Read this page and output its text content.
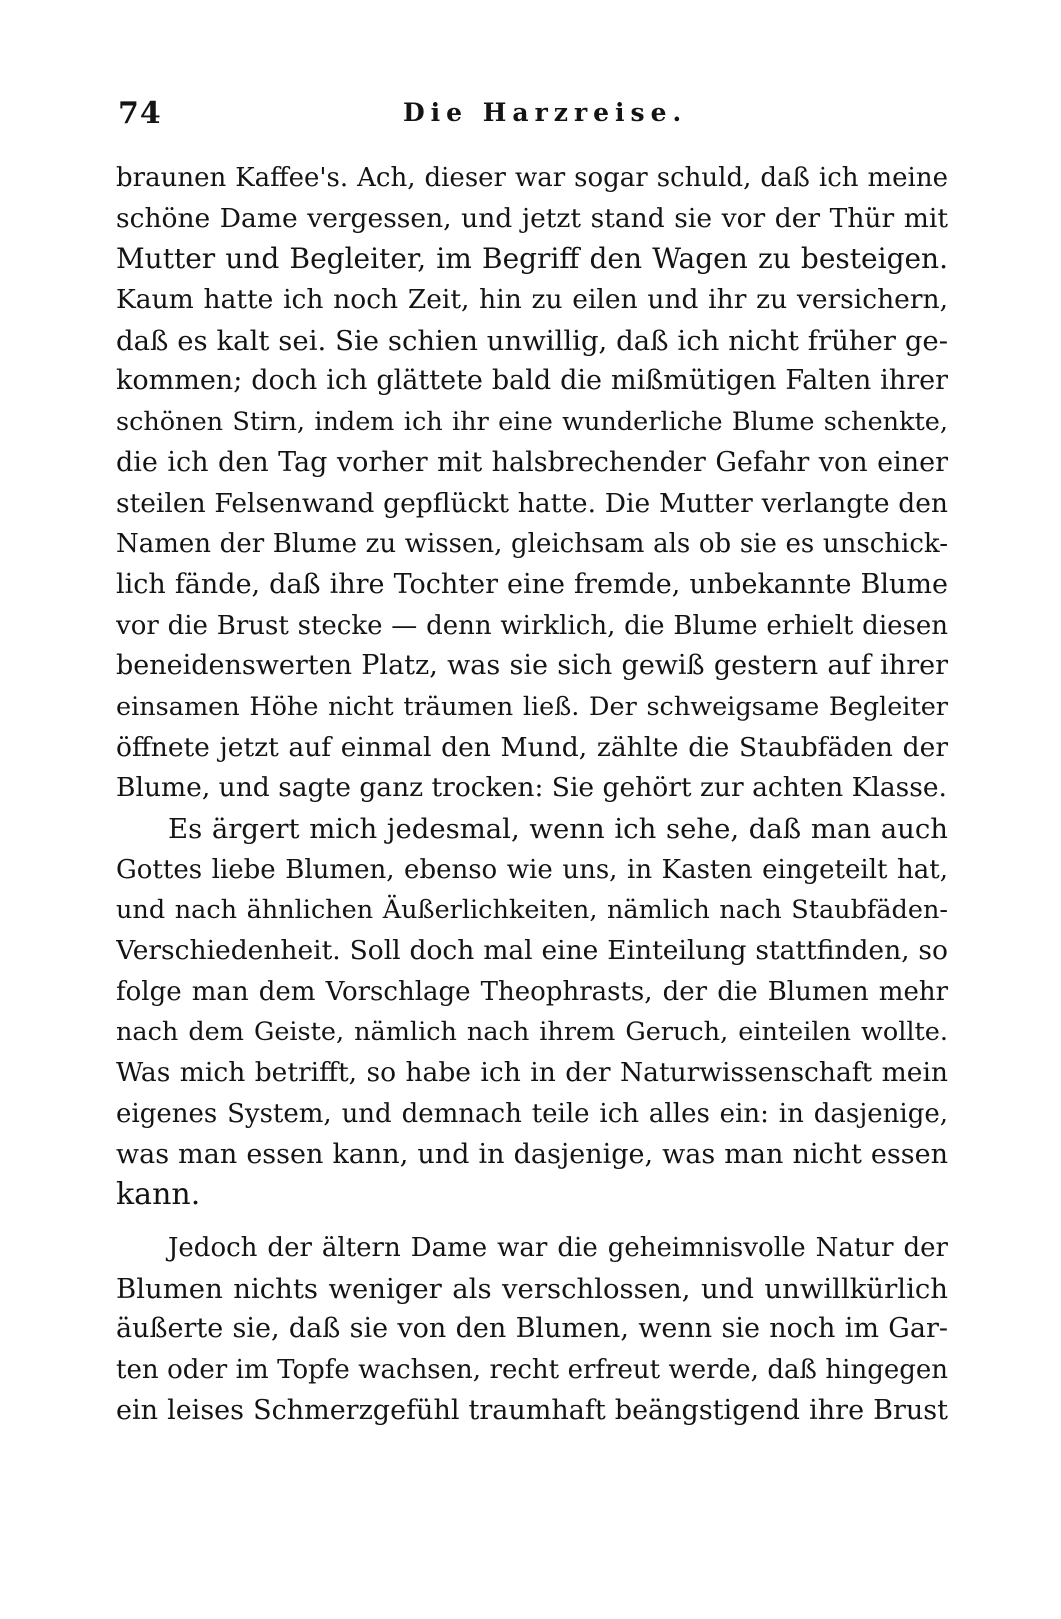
74	Die Harzreise.
braunen Kaffee's. Ach, dieser war sogar schuld, daß ich meine
schöne Dame vergessen, und jetzt stand sie vor der Thür mit
Mutter und Begleiter, im Begriff den Wagen zu besteigen.
Kaum hatte ich noch Zeit, hin zu eilen und ihr zu versichern,
daß es kalt sei. Sie schien unwillig, daß ich nicht früher ge-
kommen; doch ich glättete bald die mißmütigen Falten ihrer
schönen Stirn, indem ich ihr eine wunderliche Blume schenkte,
die ich den Tag vorher mit halsbrechender Gefahr von einer
steilen Felsenwand gepflückt hatte. Die Mutter verlangte den
Namen der Blume zu wissen, gleichsam als ob sie es unschick-
lich fände, daß ihre Tochter eine fremde, unbekannte Blume
vor die Brust stecke — denn wirklich, die Blume erhielt diesen
beneidenswerten Platz, was sie sich gewiß gestern auf ihrer
einsamen Höhe nicht träumen ließ. Der schweigsame Begleiter
öffnete jetzt auf einmal den Mund, zählte die Staubfäden der
Blume, und sagte ganz trocken: Sie gehört zur achten Klasse.
Es ärgert mich jedesmal, wenn ich sehe, daß man auch
Gottes liebe Blumen, ebenso wie uns, in Kasten eingeteilt hat,
und nach ähnlichen Äußerlichkeiten, nämlich nach Staubfäden-
Verschiedenheit. Soll doch mal eine Einteilung stattfinden, so
folge man dem Vorschlage Theophrasts, der die Blumen mehr
nach dem Geiste, nämlich nach ihrem Geruch, einteilen wollte.
Was mich betrifft, so habe ich in der Naturwissenschaft mein
eigenes System, und demnach teile ich alles ein: in dasjenige,
was man essen kann, und in dasjenige, was man nicht essen
kann.
Jedoch der ältern Dame war die geheimnisvolle Natur der
Blumen nichts weniger als verschlossen, und unwillkürlich
äußerte sie, daß sie von den Blumen, wenn sie noch im Gar-
ten oder im Topfe wachsen, recht erfreut werde, daß hingegen
ein leises Schmerzgefühl traumhaft beängstigend ihre Brust
